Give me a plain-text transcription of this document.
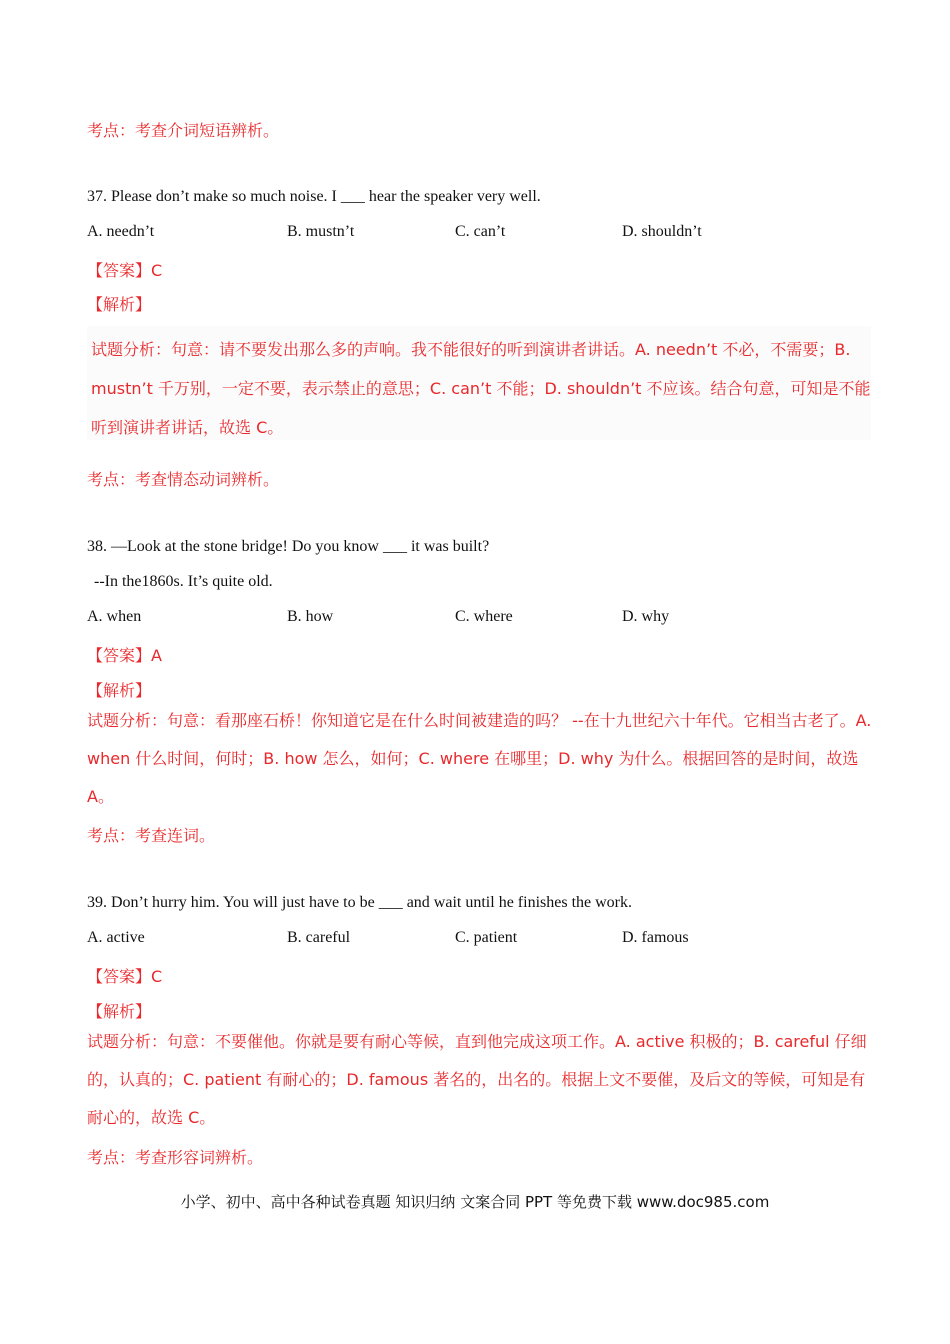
考点：考查介词短语辨析。
37. Please don’t make so much noise. I ___ hear the speaker very well.
A. needn’t	B. mustn’t	C. can’t	D. shouldn’t
【答案】C
【解析】

试题分析：句意：请不要发出那么多的声响。我不能很好的听到演讲者讲话。A. needn’t 不必，不需要；B. mustn’t 千万别，一定不要，表示禁止的意思；C. can’t 不能；D. shouldn’t 不应该。结合句意，可知是不能听到演讲者讲话，故选 C。

考点：考查情态动词辨析。
38. —Look at the stone bridge! Do you know ___ it was built?
--In the1860s. It’s quite old.
A. when	B. how	C. where	D. why
【答案】A
【解析】

试题分析：句意：看那座石桥！你知道它是在什么时间被建造的吗？ --在十九世纪六十年代。它相当古老了。A. when 什么时间，何时；B. how 怎么，如何；C. where 在哪里；D. why 为什么。根据回答的是时间，故选 A。

考点：考查连词。
39. Don’t hurry him. You will just have to be ___ and wait until he finishes the work.
A. active	B. careful	C. patient	D. famous
【答案】C
【解析】

试题分析：句意：不要催他。你就是要有耐心等候，直到他完成这项工作。A. active 积极的；B. careful 仔细的，认真的；C. patient 有耐心的；D. famous 著名的，出名的。根据上文不要催，及后文的等候，可知是有耐心的，故选 C。

考点：考查形容词辨析。
小学、初中、高中各种试卷真题 知识归纳 文案合同 PPT 等免费下载 www.doc985.com
